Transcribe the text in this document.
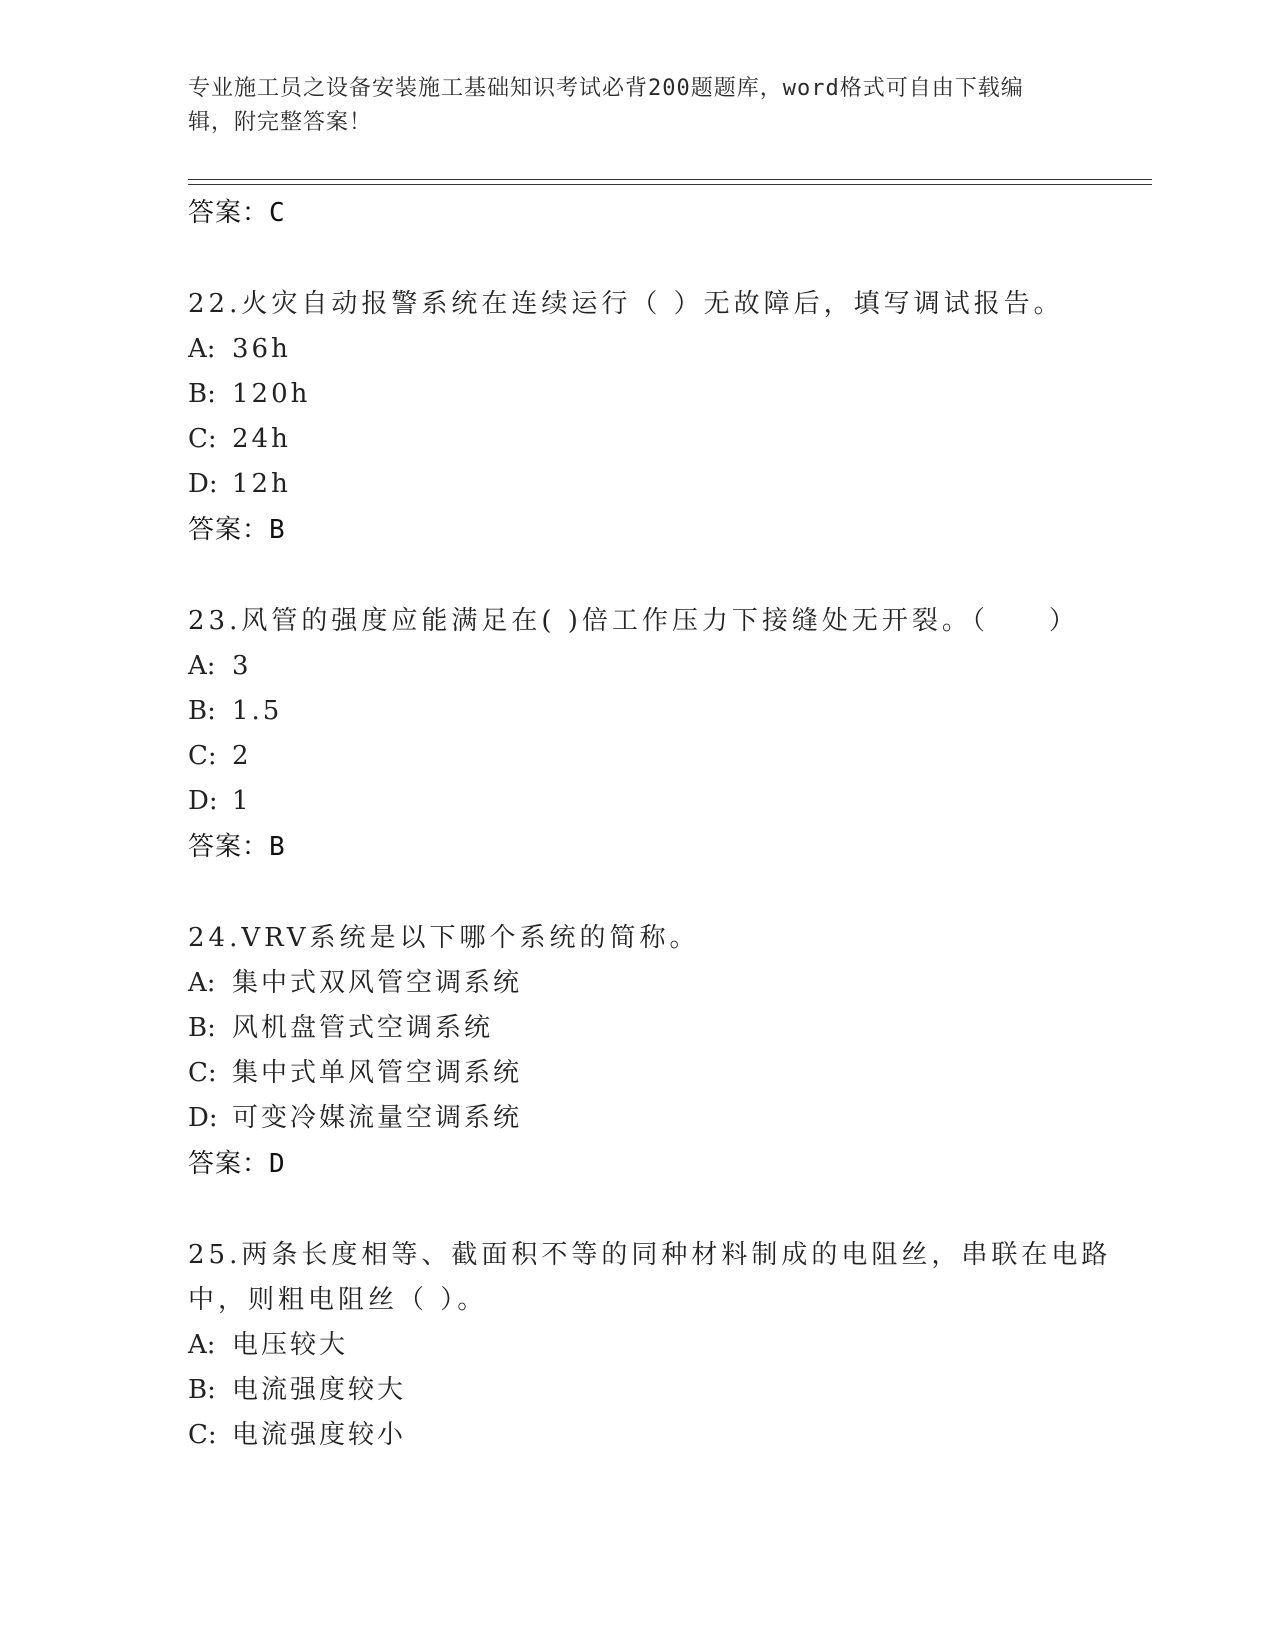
专业施工员之设备安装施工基础知识考试必背200题题库，word格式可自由下载编辑，附完整答案！
答案：C
22.火灾自动报警系统在连续运行（ ）无故障后，填写调试报告。
A: 36h
B: 120h
C: 24h
D: 12h
答案：B
23.风管的强度应能满足在( )倍工作压力下接缝处无开裂。（　　）
A: 3
B: 1.5
C: 2
D: 1
答案：B
24.VRV系统是以下哪个系统的简称。
A: 集中式双风管空调系统
B: 风机盘管式空调系统
C: 集中式单风管空调系统
D: 可变冷媒流量空调系统
答案：D
25.两条长度相等、截面积不等的同种材料制成的电阻丝，串联在电路中，则粗电阻丝（ ）。
A: 电压较大
B: 电流强度较大
C: 电流强度较小
